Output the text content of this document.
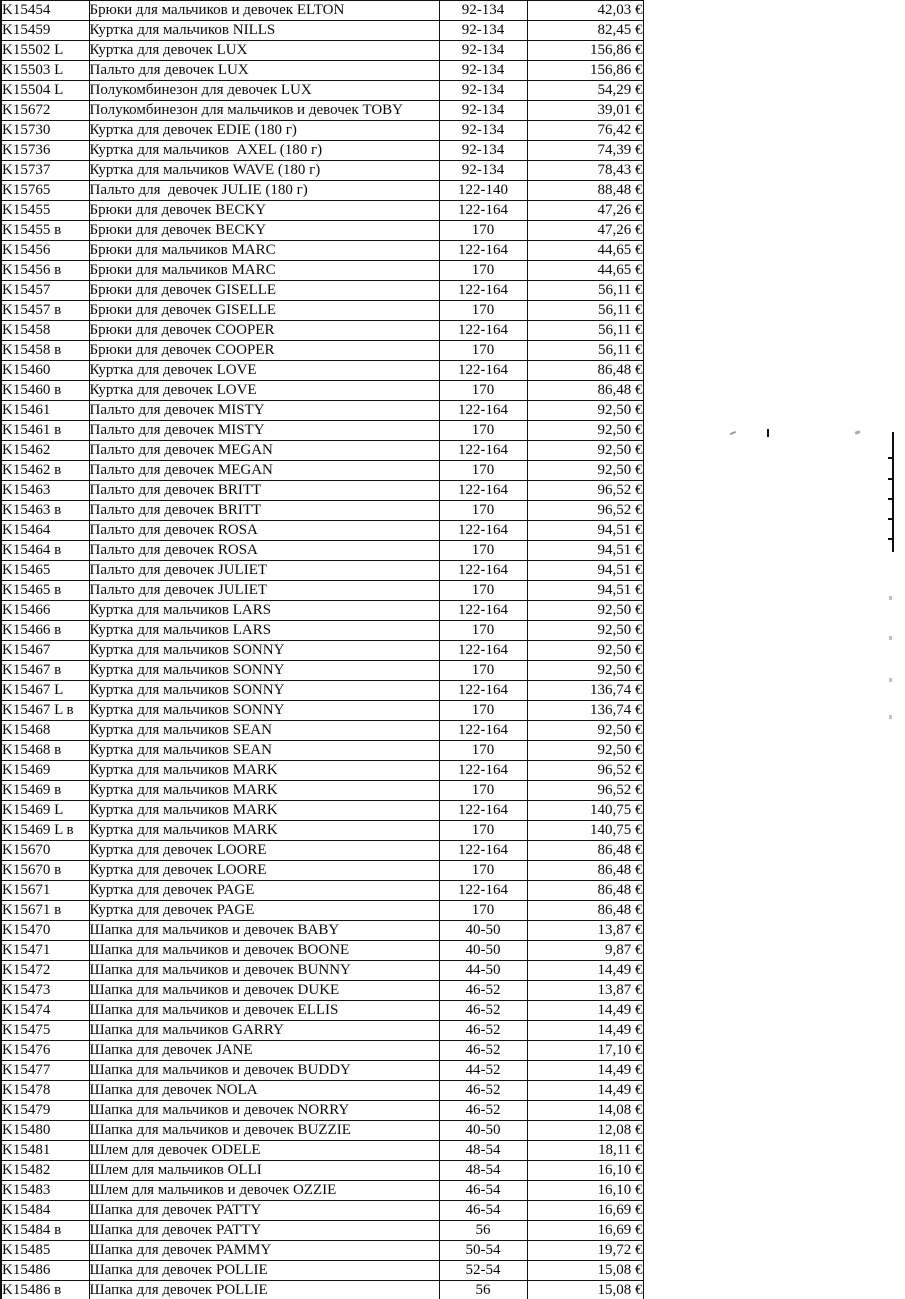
K15454	Брюки для мальчиков и девочек ELTON	92-134	42,03 €
K15459	Куртка для мальчиков NILLS	92-134	82,45 €
K15502 L	Куртка для девочек LUX	92-134	156,86 €
K15503 L	Пальто для девочек LUX	92-134	156,86 €
K15504 L	Полукомбинезон для девочек LUX	92-134	54,29 €
K15672	Полукомбинезон для мальчиков и девочек TOBY	92-134	39,01 €
K15730	Куртка для девочек EDIE (180 г)	92-134	76,42 €
K15736	Куртка для мальчиков  AXEL (180 г)	92-134	74,39 €
K15737	Куртка для мальчиков WAVE (180 г)	92-134	78,43 €
K15765	Пальто для  девочек JULIE (180 г)	122-140	88,48 €
K15455	Брюки для девочек BECKY	122-164	47,26 €
K15455 в	Брюки для девочек BECKY	170	47,26 €
K15456	Брюки для мальчиков MARC	122-164	44,65 €
K15456 в	Брюки для мальчиков MARC	170	44,65 €
K15457	Брюки для девочек GISELLE	122-164	56,11 €
K15457 в	Брюки для девочек GISELLE	170	56,11 €
K15458	Брюки для девочек COOPER	122-164	56,11 €
K15458 в	Брюки для девочек COOPER	170	56,11 €
K15460	Куртка для девочек LOVE	122-164	86,48 €
K15460 в	Куртка для девочек LOVE	170	86,48 €
K15461	Пальто для девочек MISTY	122-164	92,50 €
K15461 в	Пальто для девочек MISTY	170	92,50 €
K15462	Пальто для девочек MEGAN	122-164	92,50 €
K15462 в	Пальто для девочек MEGAN	170	92,50 €
K15463	Пальто для девочек BRITT	122-164	96,52 €
K15463 в	Пальто для девочек BRITT	170	96,52 €
K15464	Пальто для девочек ROSA	122-164	94,51 €
K15464 в	Пальто для девочек ROSA	170	94,51 €
K15465	Пальто для девочек JULIET	122-164	94,51 €
K15465 в	Пальто для девочек JULIET	170	94,51 €
K15466	Куртка для мальчиков LARS	122-164	92,50 €
K15466 в	Куртка для мальчиков LARS	170	92,50 €
K15467	Куртка для мальчиков SONNY	122-164	92,50 €
K15467 в	Куртка для мальчиков SONNY	170	92,50 €
K15467 L	Куртка для мальчиков SONNY	122-164	136,74 €
K15467 L в	Куртка для мальчиков SONNY	170	136,74 €
K15468	Куртка для мальчиков SEAN	122-164	92,50 €
K15468 в	Куртка для мальчиков SEAN	170	92,50 €
K15469	Куртка для мальчиков MARK	122-164	96,52 €
K15469 в	Куртка для мальчиков MARK	170	96,52 €
K15469 L	Куртка для мальчиков MARK	122-164	140,75 €
K15469 L в	Куртка для мальчиков MARK	170	140,75 €
K15670	Куртка для девочек LOORE	122-164	86,48 €
K15670 в	Куртка для девочек LOORE	170	86,48 €
K15671	Куртка для девочек PAGE	122-164	86,48 €
K15671 в	Куртка для девочек PAGE	170	86,48 €
K15470	Шапка для мальчиков и девочек BABY	40-50	13,87 €
K15471	Шапка для мальчиков и девочек BOONE	40-50	9,87 €
K15472	Шапка для мальчиков и девочек BUNNY	44-50	14,49 €
K15473	Шапка для мальчиков и девочек DUKE	46-52	13,87 €
K15474	Шапка для мальчиков и девочек ELLIS	46-52	14,49 €
K15475	Шапка для мальчиков GARRY	46-52	14,49 €
K15476	Шапка для девочек JANE	46-52	17,10 €
K15477	Шапка для мальчиков и девочек BUDDY	44-52	14,49 €
K15478	Шапка для девочек NOLA	46-52	14,49 €
K15479	Шапка для мальчиков и девочек NORRY	46-52	14,08 €
K15480	Шапка для мальчиков и девочек BUZZIE	40-50	12,08 €
K15481	Шлем для девочек ODELE	48-54	18,11 €
K15482	Шлем для мальчиков OLLI	48-54	16,10 €
K15483	Шлем для мальчиков и девочек OZZIE	46-54	16,10 €
K15484	Шапка для девочек PATTY	46-54	16,69 €
K15484 в	Шапка для девочек PATTY	56	16,69 €
K15485	Шапка для девочек PAMMY	50-54	19,72 €
K15486	Шапка для девочек POLLIE	52-54	15,08 €
K15486 в	Шапка для девочек POLLIE	56	15,08 €
